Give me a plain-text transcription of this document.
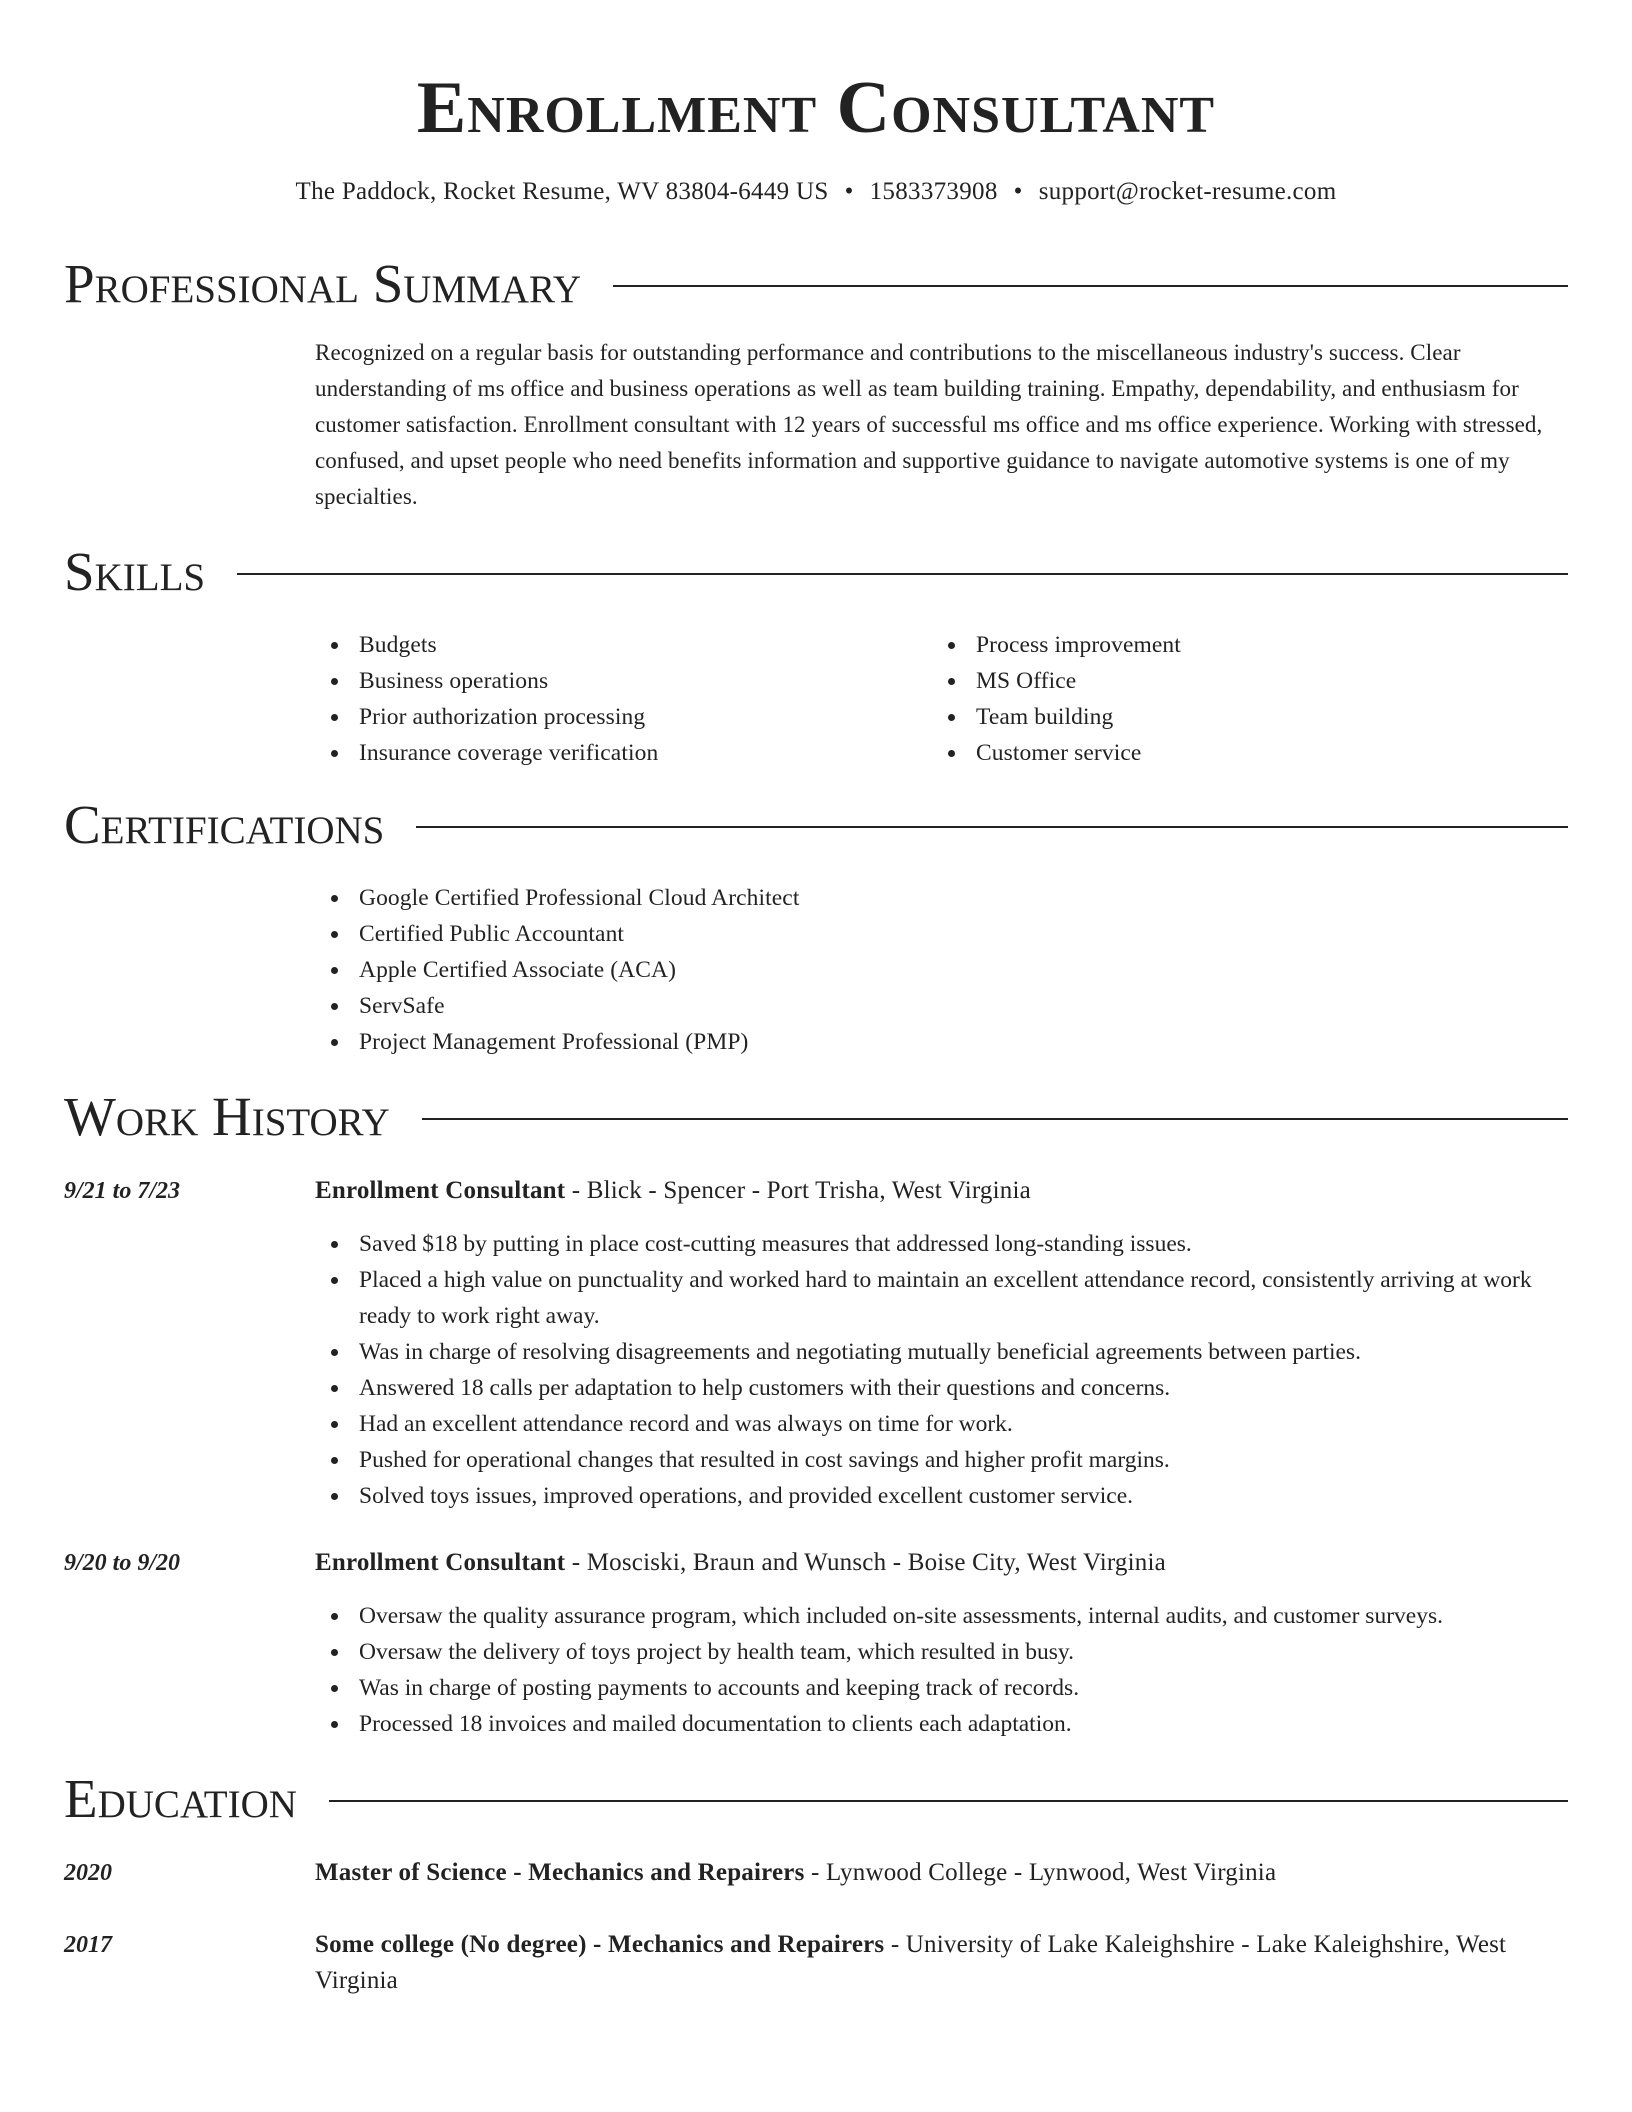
Enrollment Consultant
The Paddock, Rocket Resume, WV 83804-6449 US • 1583373908 • support@rocket-resume.com
Professional Summary

Recognized on a regular basis for outstanding performance and contributions to the miscellaneous industry's success. Clear understanding of ms office and business operations as well as team building training. Empathy, dependability, and enthusiasm for customer satisfaction. Enrollment consultant with 12 years of successful ms office and ms office experience. Working with stressed, confused, and upset people who need benefits information and supportive guidance to navigate automotive systems is one of my specialties.

Skills
Budgets
Business operations
Prior authorization processing
Insurance coverage verification
Process improvement
MS Office
Team building
Customer service
Certifications
Google Certified Professional Cloud Architect
Certified Public Accountant
Apple Certified Associate (ACA)
ServSafe
Project Management Professional (PMP)
Work History
9/21 to 7/23	Enrollment Consultant - Blick - Spencer - Port Trisha, West Virginia
Saved $18 by putting in place cost-cutting measures that addressed long-standing issues.
Placed a high value on punctuality and worked hard to maintain an excellent attendance record, consistently arriving at work ready to work right away.
Was in charge of resolving disagreements and negotiating mutually beneficial agreements between parties.
Answered 18 calls per adaptation to help customers with their questions and concerns.
Had an excellent attendance record and was always on time for work.
Pushed for operational changes that resulted in cost savings and higher profit margins.
Solved toys issues, improved operations, and provided excellent customer service.
9/20 to 9/20	Enrollment Consultant - Mosciski, Braun and Wunsch - Boise City, West Virginia
Oversaw the quality assurance program, which included on-site assessments, internal audits, and customer surveys.
Oversaw the delivery of toys project by health team, which resulted in busy.
Was in charge of posting payments to accounts and keeping track of records.
Processed 18 invoices and mailed documentation to clients each adaptation.
Education
2020	Master of Science - Mechanics and Repairers - Lynwood College - Lynwood, West Virginia
2017	Some college (No degree) - Mechanics and Repairers - University of Lake Kaleighshire - Lake Kaleighshire, West Virginia
